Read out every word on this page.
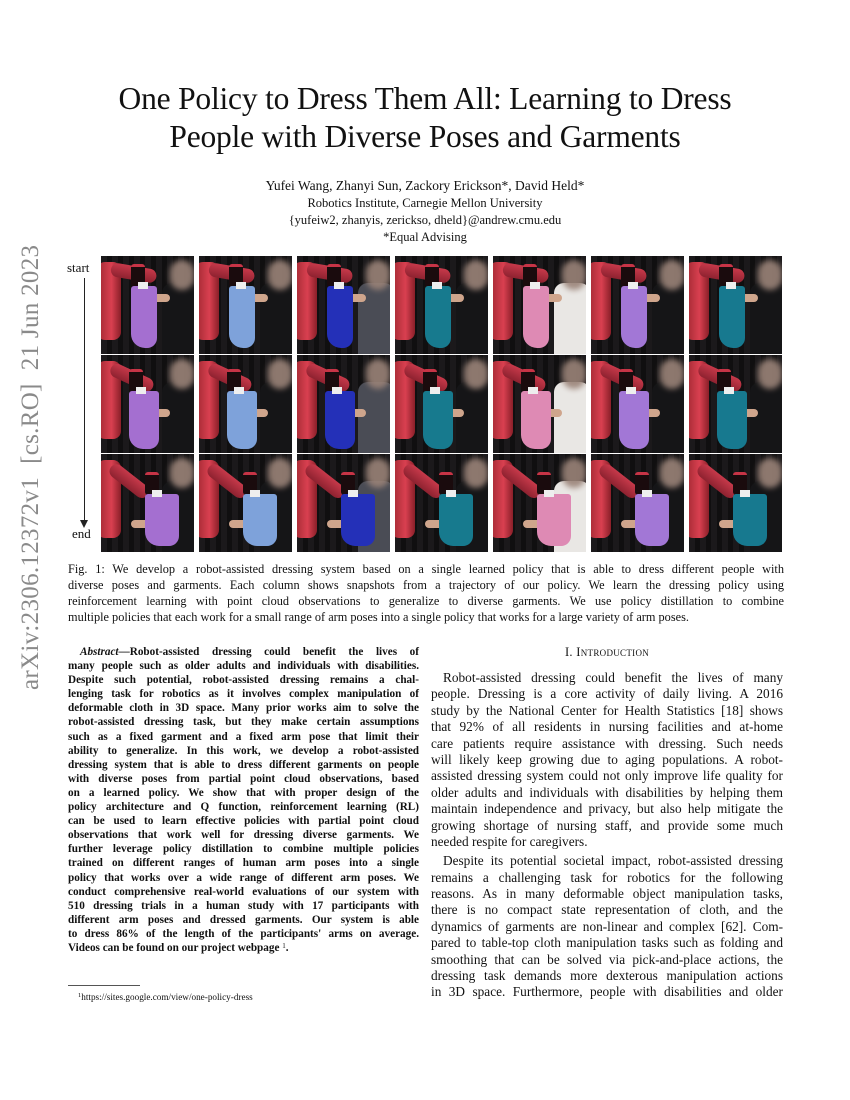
One Policy to Dress Them All: Learning to Dress
People with Diverse Poses and Garments
Yufei Wang, Zhanyi Sun, Zackory Erickson*, David Held*
Robotics Institute, Carnegie Mellon University
{yufeiw2, zhanyis, zerickso, dheld}@andrew.cmu.edu
*Equal Advising
arXiv:2306.12372v1  [cs.RO]  21 Jun 2023 start
end
Fig. 1: We develop a robot-assisted dressing system based on a single learned policy that is able to dress different people with
diverse poses and garments. Each column shows snapshots from a trajectory of our policy. We learn the dressing policy using
reinforcement learning with point cloud observations to generalize to diverse garments. We use policy distillation to combine
multiple policies that each work for a small range of arm poses into a single policy that works for a large variety of arm poses.
Abstract—Robot-assisted dressing could benefit the lives of
many people such as older adults and individuals with disabilities.
Despite such potential, robot-assisted dressing remains a chal-
lenging task for robotics as it involves complex manipulation of
deformable cloth in 3D space. Many prior works aim to solve the
robot-assisted dressing task, but they make certain assumptions
such as a fixed garment and a fixed arm pose that limit their
ability to generalize. In this work, we develop a robot-assisted
dressing system that is able to dress different garments on people
with diverse poses from partial point cloud observations, based
on a learned policy. We show that with proper design of the
policy architecture and Q function, reinforcement learning (RL)
can be used to learn effective policies with partial point cloud
observations that work well for dressing diverse garments. We
further leverage policy distillation to combine multiple policies
trained on different ranges of human arm poses into a single
policy that works over a wide range of different arm poses. We
conduct comprehensive real-world evaluations of our system with
510 dressing trials in a human study with 17 participants with
different arm poses and dressed garments. Our system is able
to dress 86% of the length of the participants' arms on average.
Videos can be found on our project webpage $^1$.
$^1$https://sites.google.com/view/one-policy-dress
I. Introduction
Robot-assisted dressing could benefit the lives of many
people. Dressing is a core activity of daily living. A 2016
study by the National Center for Health Statistics [18] shows
that 92% of all residents in nursing facilities and at-home
care patients require assistance with dressing. Such needs
will likely keep growing due to aging populations. A robot-
assisted dressing system could not only improve life quality for
older adults and individuals with disabilities by helping them
maintain independence and privacy, but also help mitigate the
growing shortage of nursing staff, and provide some much
needed respite for caregivers.
Despite its potential societal impact, robot-assisted dressing
remains a challenging task for robotics for the following
reasons. As in many deformable object manipulation tasks,
there is no compact state representation of cloth, and the
dynamics of garments are non-linear and complex [62]. Com-
pared to table-top cloth manipulation tasks such as folding and
smoothing that can be solved via pick-and-place actions, the
dressing task demands more dexterous manipulation actions
in 3D space. Furthermore, people with disabilities and older
